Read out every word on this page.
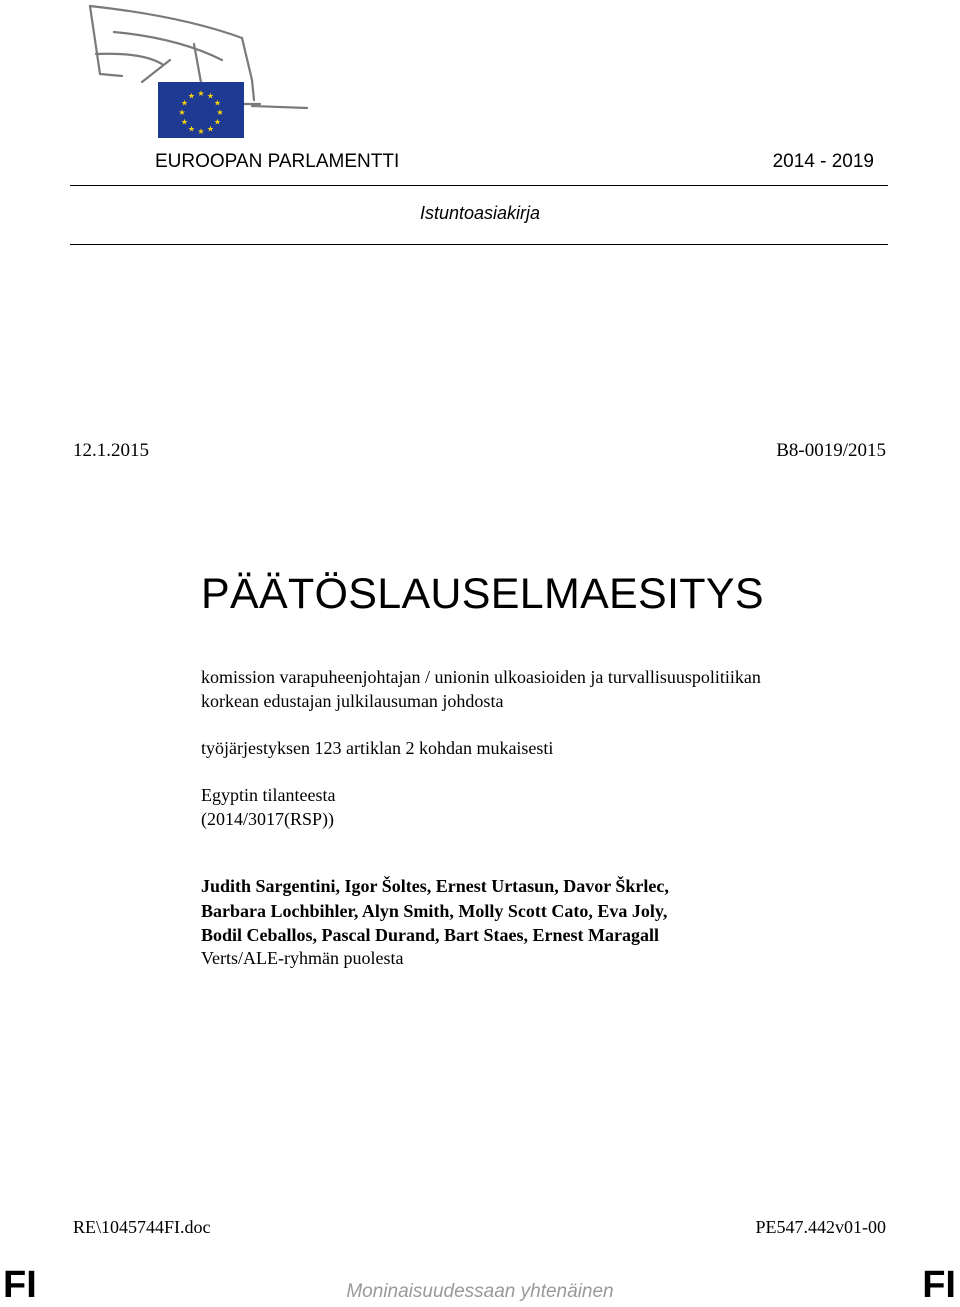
★ ★
★
★
★
★
★
★
★
★
★
★
EUROOPAN PARLAMENTTI	2014 - 2019
Istuntoasiakirja
12.1.2015	B8-0019/2015
PÄÄTÖSLAUSELMAESITYS
komission varapuheenjohtajan / unionin ulkoasioiden ja turvallisuuspolitiikan
korkean edustajan julkilausuman johdosta
työjärjestyksen 123 artiklan 2 kohdan mukaisesti
Egyptin tilanteesta
(2014/3017(RSP))
Judith Sargentini, Igor Šoltes, Ernest Urtasun, Davor Škrlec,
Barbara Lochbihler, Alyn Smith, Molly Scott Cato, Eva Joly,
Bodil Ceballos, Pascal Durand, Bart Staes, Ernest Maragall
Verts/ALE-ryhmän puolesta
RE\1045744FI.doc	PE547.442v01-00
FI	Moninaisuudessaan yhtenäinen	FI
